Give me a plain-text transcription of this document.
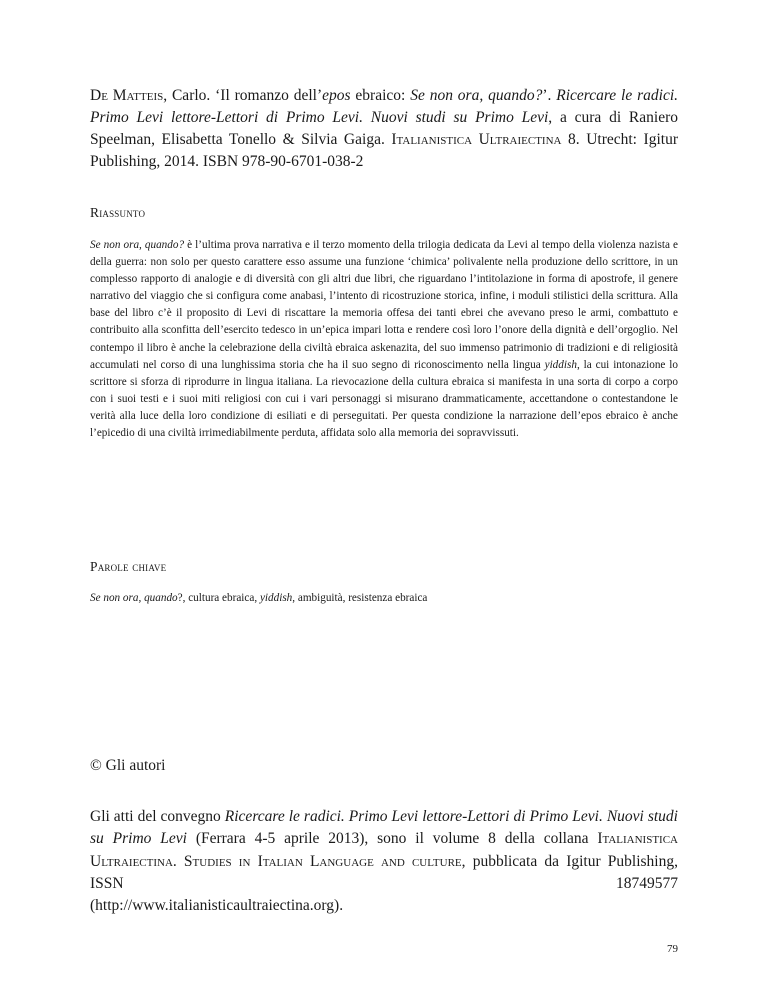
De Matteis, Carlo. ‘Il romanzo dell’epos ebraico: Se non ora, quando?’. Ricercare le radici. Primo Levi lettore-Lettori di Primo Levi. Nuovi studi su Primo Levi, a cura di Raniero Speelman, Elisabetta Tonello & Silvia Gaiga. Italianistica Ultraiectina 8. Utrecht: Igitur Publishing, 2014. ISBN 978-90-6701-038-2

Riassunto

Se non ora, quando? è l’ultima prova narrativa e il terzo momento della trilogia dedicata da Levi al tempo della violenza nazista e della guerra: non solo per questo carattere esso assume una funzione ‘chimica’ polivalente nella produzione dello scrittore, in un complesso rapporto di analogie e di diversità con gli altri due libri, che riguardano l’intitolazione in forma di apostrofe, il genere narrativo del viaggio che si configura come anabasi, l’intento di ricostruzione storica, infine, i moduli stilistici della scrittura. Alla base del libro c’è il proposito di Levi di riscattare la memoria offesa dei tanti ebrei che avevano preso le armi, combattuto e contribuito alla sconfitta dell’esercito tedesco in un’epica impari lotta e rendere così loro l’onore della dignità e dell’orgoglio. Nel contempo il libro è anche la celebrazione della civiltà ebraica askenazita, del suo immenso patrimonio di tradizioni e di religiosità accumulati nel corso di una lunghissima storia che ha il suo segno di riconoscimento nella lingua yiddish, la cui intonazione lo scrittore si sforza di riprodurre in lingua italiana. La rievocazione della cultura ebraica si manifesta in una sorta di corpo a corpo con i suoi testi e i suoi miti religiosi con cui i vari personaggi si misurano drammaticamente, accettandone o contestandone le verità alla luce della loro condizione di esiliati e di perseguitati. Per questa condizione la narrazione dell’epos ebraico è anche l’epicedio di una civiltà irrimediabilmente perduta, affidata solo alla memoria dei sopravvissuti.

Parole chiave

Se non ora, quando?, cultura ebraica, yiddish, ambiguità, resistenza ebraica

© Gli autori

Gli atti del convegno Ricercare le radici. Primo Levi lettore-Lettori di Primo Levi. Nuovi studi su Primo Levi (Ferrara 4-5 aprile 2013), sono il volume 8 della collana Italianistica Ultraiectina. Studies in Italian Language and culture, pubblicata da Igitur Publishing, ISSN 18749577
(http://www.italianisticaultraiectina.org).

79
